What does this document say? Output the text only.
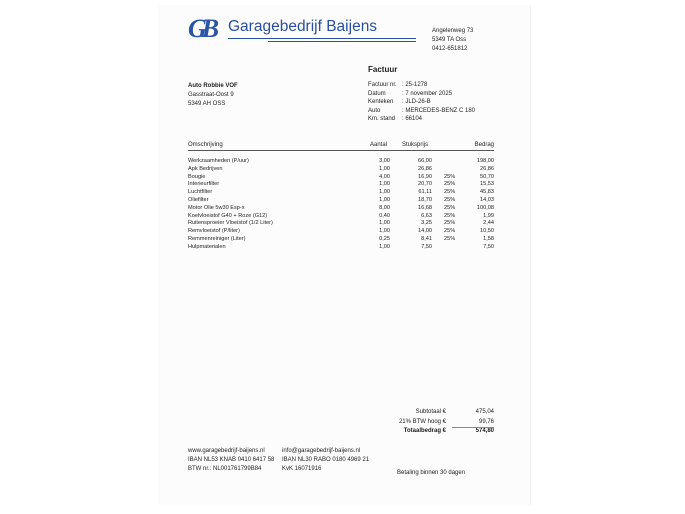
GB Garagebedrijf Baijens	Angelenweg 73
5349 TA Oss
0412-651812
Factuur
Auto Robbie VOF
Gasstraat-Oost 9
5349 AH OSS
Factuur nr. : 25-1278
Datum	: 7 november 2025
Kenteken : JLD-26-B
Auto	: MERCEDES-BENZ C 180
Km. stand : 66104
Omschrijving	Aantal Stuksprijs	Bedrag
Werkzaamheden (P/uur)	3,00	66,00	198,00
Apk Bedrijven	1,00	26,86	26,86
Bougie	4,00	16,90 25%	50,70
Interieurfilter	1,00	20,70 25%	15,53
Luchtfilter	1,00	61,11 25%	45,83
Oliefilter	1,00	18,70 25%	14,03
Motor Olie 5w30 Esp-x	8,00	16,68 25%	100,08
Koelvloeistof G40 + Roze (G12)	0,40	6,63 25%	1,99
Ruitensproeier Vloeistof (1/2 Liter)	1,00	3,25 25%	2,44
Remvloeistof (P/liter)	1,00	14,00 25%	10,50
Remmenreiniger (Liter)	0,25	8,41 25%	1,58
Hulpmaterialen	1,00	7,50	7,50
Subtotaal €	475,04
21% BTW hoog €	99,76
Totaalbedrag €	574,80
www.garagebedrijf-baijens.nl	info@garagebedrijf-baijens.nl
IBAN NL53 KNAB 0410 6417 58 IBAN NL30 RABO 0180 4969 21
BTW nr.: NL001761799B84	KvK 16071916
Betaling binnen 30 dagen
